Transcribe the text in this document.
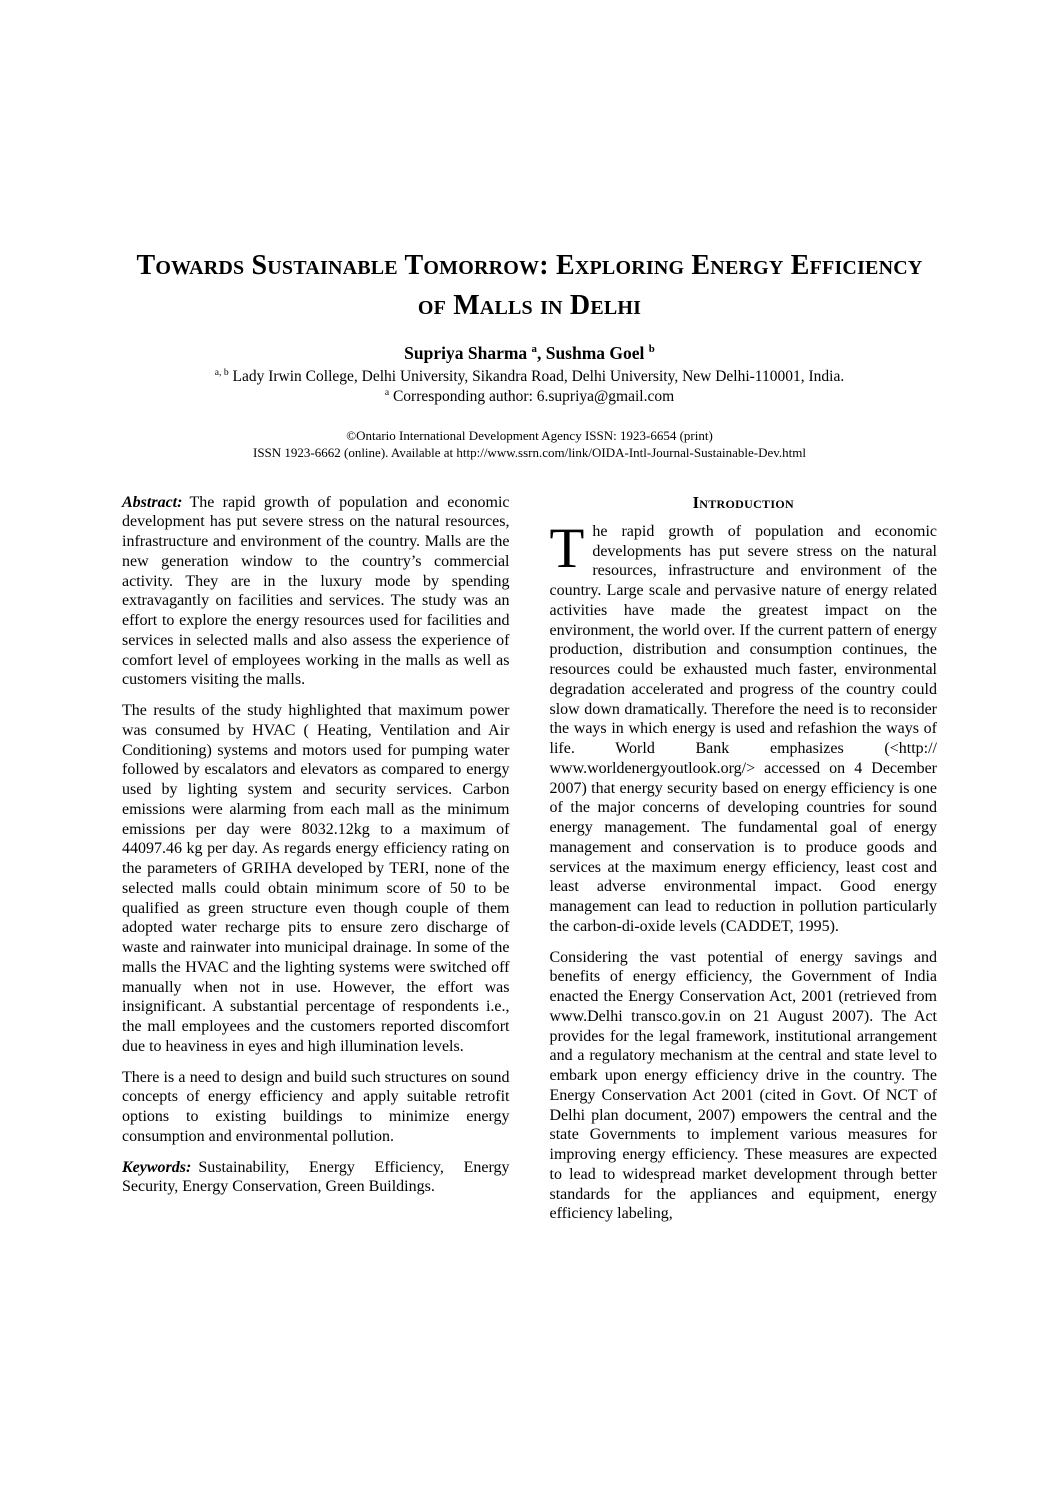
Towards Sustainable Tomorrow: Exploring Energy Efficiency of Malls in Delhi
Supriya Sharma $^a$, Sushma Goel $^b$
$^{a, b}$ Lady Irwin College, Delhi University, Sikandra Road, Delhi University, New Delhi-110001, India.
$^a$ Corresponding author: 6.supriya@gmail.com
©Ontario International Development Agency ISSN: 1923-6654 (print)
ISSN 1923-6662 (online). Available at http://www.ssrn.com/link/OIDA-Intl-Journal-Sustainable-Dev.html

Abstract: The rapid growth of population and economic development has put severe stress on the natural resources, infrastructure and environment of the country. Malls are the new generation window to the country’s commercial activity. They are in the luxury mode by spending extravagantly on facilities and services. The study was an effort to explore the energy resources used for facilities and services in selected malls and also assess the experience of comfort level of employees working in the malls as well as customers visiting the malls.

The results of the study highlighted that maximum power was consumed by HVAC ( Heating, Ventilation and Air Conditioning) systems and motors used for pumping water followed by escalators and elevators as compared to energy used by lighting system and security services. Carbon emissions were alarming from each mall as the minimum emissions per day were 8032.12kg to a maximum of 44097.46 kg per day. As regards energy efficiency rating on the parameters of GRIHA developed by TERI, none of the selected malls could obtain minimum score of 50 to be qualified as green structure even though couple of them adopted water recharge pits to ensure zero discharge of waste and rainwater into municipal drainage. In some of the malls the HVAC and the lighting systems were switched off manually when not in use. However, the effort was insignificant. A substantial percentage of respondents i.e., the mall employees and the customers reported discomfort due to heaviness in eyes and high illumination levels.

There is a need to design and build such structures on sound concepts of energy efficiency and apply suitable retrofit options to existing buildings to minimize energy consumption and environmental pollution.

Keywords: Sustainability, Energy Efficiency, Energy Security, Energy Conservation, Green Buildings.

Introduction

The rapid growth of population and economic developments has put severe stress on the natural resources, infrastructure and environment of the country. Large scale and pervasive nature of energy related activities have made the greatest impact on the environment, the world over. If the current pattern of energy production, distribution and consumption continues, the resources could be exhausted much faster, environmental degradation accelerated and progress of the country could slow down dramatically. Therefore the need is to reconsider the ways in which energy is used and refashion the ways of life. World Bank emphasizes (<http:// www.worldenergyoutlook.org/> accessed on 4 December 2007) that energy security based on energy efficiency is one of the major concerns of developing countries for sound energy management. The fundamental goal of energy management and conservation is to produce goods and services at the maximum energy efficiency, least cost and least adverse environmental impact. Good energy management can lead to reduction in pollution particularly the carbon-di-oxide levels (CADDET, 1995).

Considering the vast potential of energy savings and benefits of energy efficiency, the Government of India enacted the Energy Conservation Act, 2001 (retrieved from www.Delhi transco.gov.in on 21 August 2007). The Act provides for the legal framework, institutional arrangement and a regulatory mechanism at the central and state level to embark upon energy efficiency drive in the country. The Energy Conservation Act 2001 (cited in Govt. Of NCT of Delhi plan document, 2007) empowers the central and the state Governments to implement various measures for improving energy efficiency. These measures are expected to lead to widespread market development through better standards for the appliances and equipment, energy efficiency labeling,
